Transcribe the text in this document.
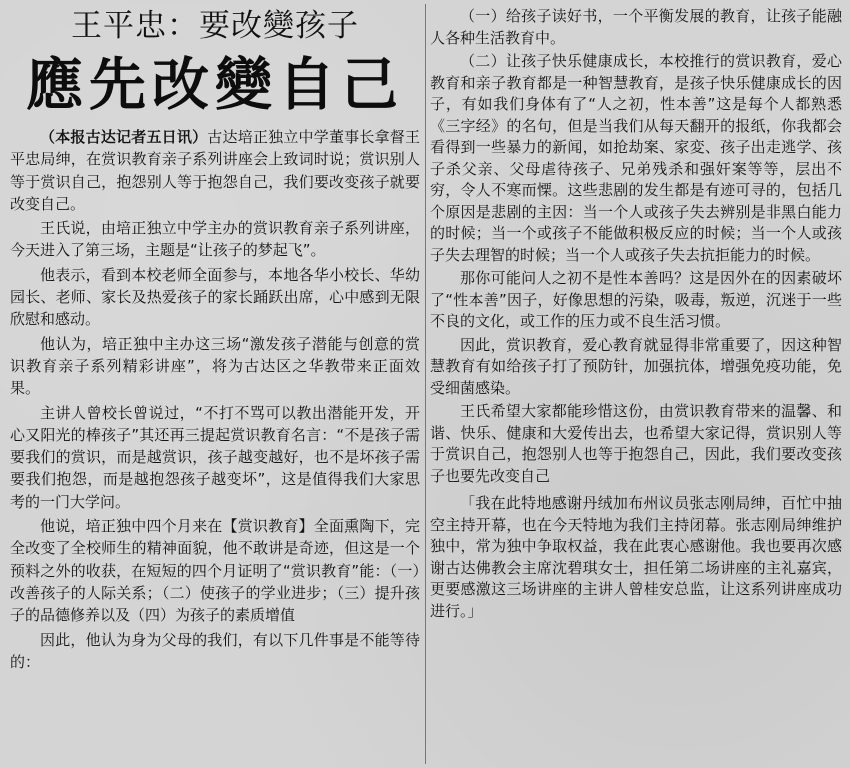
王平忠：要改變孩子
應先改變自己

（本报古达记者五日讯）古达培正独立中学董事长拿督王平忠局绅，在赏识教育亲子系列讲座会上致词时说；赏识别人等于赏识自己，抱怨别人等于抱怨自己，我们要改变孩子就要改变自己。

王氏说，由培正独立中学主办的赏识教育亲子系列讲座，今天进入了第三场，主题是“让孩子的梦起飞”。

他表示，看到本校老师全面参与，本地各华小校长、华幼园长、老师、家长及热爱孩子的家长踊跃出席，心中感到无限欣慰和感动。

他认为，培正独中主办这三场“激发孩子潜能与创意的赏识教育亲子系列精彩讲座”，将为古达区之华教带来正面效果。

主讲人曾校长曾说过，“不打不骂可以教出潜能开发，开心又阳光的棒孩子”其还再三提起赏识教育名言：“不是孩子需要我们的赏识，而是越赏识，孩子越变越好，也不是坏孩子需要我们抱怨，而是越抱怨孩子越变坏”，这是值得我们大家思考的一门大学问。

他说，培正独中四个月来在【赏识教育】全面熏陶下，完全改变了全校师生的精神面貌，他不敢讲是奇迹，但这是一个预料之外的收获，在短短的四个月证明了“赏识教育”能：（一）改善孩子的人际关系；（二）使孩子的学业进步；（三）提升孩子的品德修养以及（四）为孩子的素质增值

因此，他认为身为父母的我们，有以下几件事是不能等待的：

（一）给孩子读好书，一个平衡发展的教育，让孩子能融人各种生活教育中。

（二）让孩子快乐健康成长，本校推行的赏识教育，爱心教育和亲子教育都是一种智慧教育，是孩子快乐健康成长的因子，有如我们身体有了“人之初，性本善”这是每个人都熟悉《三字经》的名句，但是当我们从每天翻开的报纸，你我都会看得到一些暴力的新闻，如抢劫案、家変、孩子出走逃学、孩子杀父亲、父母虐待孩子、兄弟残杀和强奸案等等，层出不穷，令人不寒而慄。这些悲剧的发生都是有迹可寻的，包括几个原因是悲剧的主因：当一个人或孩子失去辨别是非黑白能力的时候；当一个或孩子不能做积极反应的时候；当一个人或孩子失去理智的时候；当一个人或孩子失去抗拒能力的时候。

那你可能问人之初不是性本善吗？这是因外在的因素破坏了“性本善”因子，好像思想的污染，吸毒，叛逆，沉迷于一些不良的文化，或工作的压力或不良生活习惯。

因此，赏识教育，爱心教育就显得非常重要了，因这种智慧教育有如给孩子打了预防针，加强抗体，增强免疫功能，免受细菌感染。

王氏希望大家都能珍惜这份，由赏识教育带来的温馨、和谐、快乐、健康和大爱传出去，也希望大家记得，赏识别人等于赏识自己，抱怨别人也等于抱怨自己，因此，我们要改变孩子也要先改变自己

「我在此特地感谢丹绒加布州议员张志刚局绅，百忙中抽空主持开幕，也在今天特地为我们主持闭幕。张志刚局绅维护独中，常为独中争取权益，我在此衷心感谢他。我也要再次感谢古达佛教会主席沈碧琪女士，担任第二场讲座的主礼嘉宾，更要感激这三场讲座的主讲人曾桂安总监，让这系列讲座成功进行。」
